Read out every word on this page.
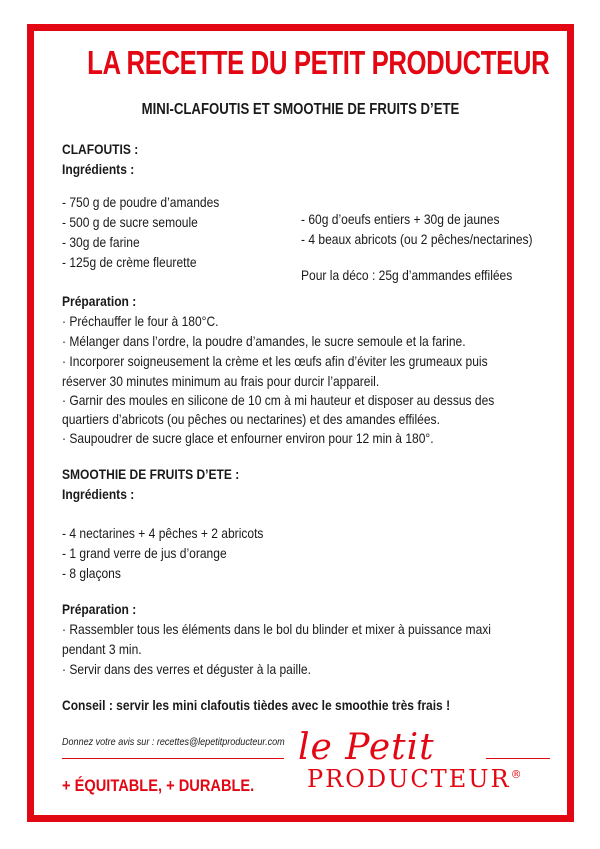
LA RECETTE DU PETIT PRODUCTEUR
MINI-CLAFOUTIS ET SMOOTHIE DE FRUITS D’ETE
CLAFOUTIS :
Ingrédients :
- 750 g de poudre d’amandes
- 500 g de sucre semoule
- 30g de farine
- 125g de crème fleurette
- 60g d’oeufs entiers + 30g de jaunes
- 4 beaux abricots (ou 2 pêches/nectarines)
Pour la déco : 25g d’ammandes effilées
Préparation :
· Préchauffer le four à 180°C.
· Mélanger dans l’ordre, la poudre d’amandes, le sucre semoule et la farine.
· Incorporer soigneusement la crème et les œufs afin d’éviter les grumeaux puis
réserver 30 minutes minimum au frais pour durcir l’appareil.
· Garnir des moules en silicone de 10 cm à mi hauteur et disposer au dessus des
quartiers d’abricots (ou pêches ou nectarines) et des amandes effilées.
· Saupoudrer de sucre glace et enfourner environ pour 12 min à 180°.
SMOOTHIE DE FRUITS D’ETE :
Ingrédients :
- 4 nectarines + 4 pêches + 2 abricots
- 1 grand verre de jus d’orange
- 8 glaçons
Préparation :
· Rassembler tous les éléments dans le bol du blinder et mixer à puissance maxi
pendant 3 min.
· Servir dans des verres et déguster à la paille.
Conseil : servir les mini clafoutis tièdes avec le smoothie très frais !
Donnez votre avis sur : recettes@lepetitproducteur.com
+ ÉQUITABLE, + DURABLE.
le Petit
PRODUCTEUR®
